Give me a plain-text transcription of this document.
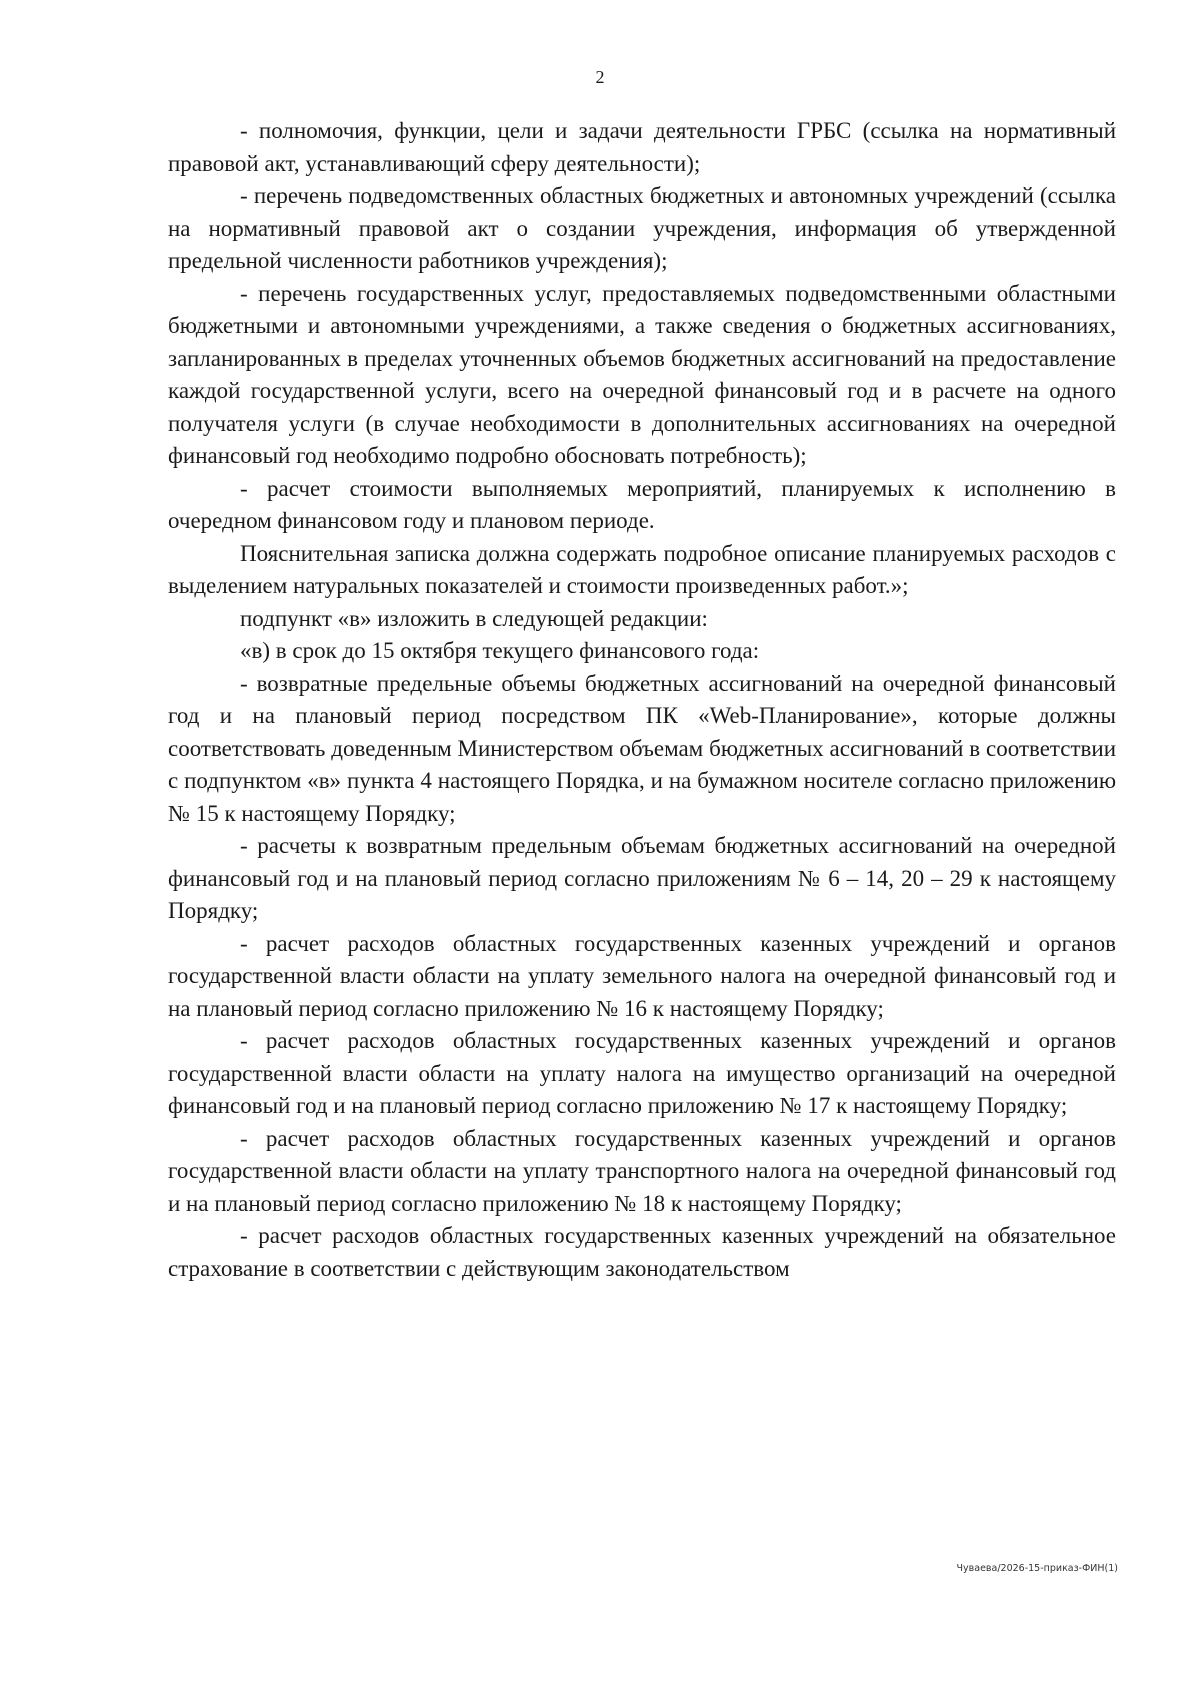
2

- полномочия, функции, цели и задачи деятельности ГРБС (ссылка на нормативный правовой акт, устанавливающий сферу деятельности);

- перечень подведомственных областных бюджетных и автономных учреждений (ссылка на нормативный правовой акт о создании учреждения, информация об утвержденной предельной численности работников учреждения);

- перечень государственных услуг, предоставляемых подведомственными областными бюджетными и автономными учреждениями, а также сведения о бюджетных ассигнованиях, запланированных в пределах уточненных объемов бюджетных ассигнований на предоставление каждой государственной услуги, всего на очередной финансовый год и в расчете на одного получателя услуги (в случае необходимости в дополнительных ассигнованиях на очередной финансовый год необходимо подробно обосновать потребность);

- расчет стоимости выполняемых мероприятий, планируемых к исполнению в очередном финансовом году и плановом периоде.

Пояснительная записка должна содержать подробное описание планируемых расходов с выделением натуральных показателей и стоимости произведенных работ.»;

подпункт «в» изложить в следующей редакции:

«в) в срок до 15 октября текущего финансового года:

- возвратные предельные объемы бюджетных ассигнований на очередной финансовый год и на плановый период посредством ПК «Web-Планирование», которые должны соответствовать доведенным Министерством объемам бюджетных ассигнований в соответствии с подпунктом «в» пункта 4 настоящего Порядка, и на бумажном носителе согласно приложению № 15 к настоящему Порядку;

- расчеты к возвратным предельным объемам бюджетных ассигнований на очередной финансовый год и на плановый период согласно приложениям № 6 – 14, 20 – 29 к настоящему Порядку;

- расчет расходов областных государственных казенных учреждений и органов государственной власти области на уплату земельного налога на очередной финансовый год и на плановый период согласно приложению № 16 к настоящему Порядку;

- расчет расходов областных государственных казенных учреждений и органов государственной власти области на уплату налога на имущество организаций на очередной финансовый год и на плановый период согласно приложению № 17 к настоящему Порядку;

- расчет расходов областных государственных казенных учреждений и органов государственной власти области на уплату транспортного налога на очередной финансовый год и на плановый период согласно приложению № 18 к настоящему Порядку;

- расчет расходов областных государственных казенных учреждений на обязательное страхование в соответствии с действующим законодательством

Чуваева/2026-15-приказ-ФИН(1)
